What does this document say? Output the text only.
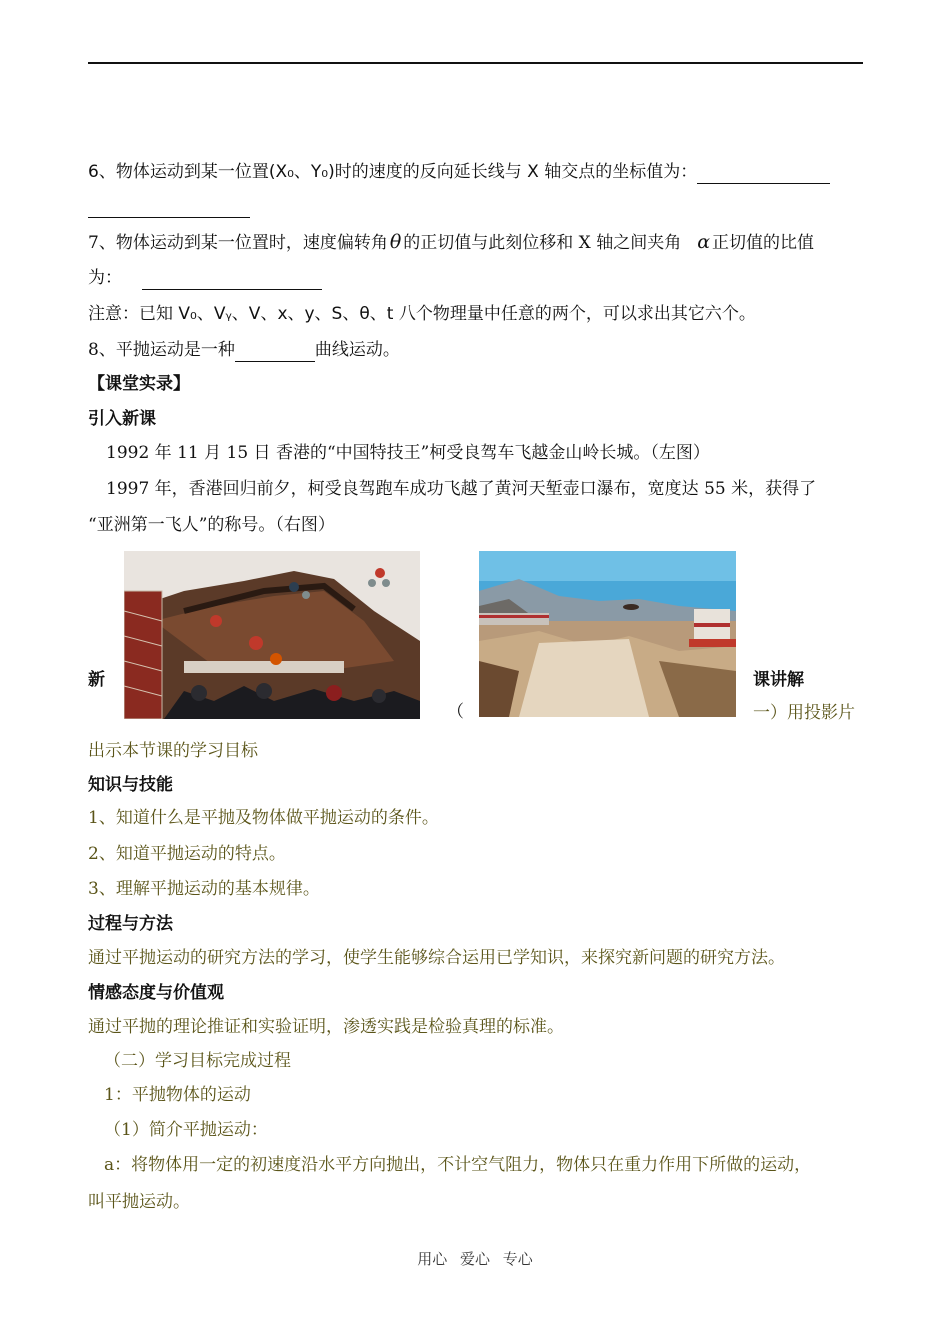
6、物体运动到某一位置(X₀、Y₀)时的速度的反向延长线与 X 轴交点的坐标值为：
7、物体运动到某一位置时，速度偏转角 θ 的正切值与此刻位移和 X 轴之间夹角 α 正切值的比值
为：
注意：已知 V₀、Vᵧ、V、x、y、S、θ、t 八个物理量中任意的两个，可以求出其它六个。
8、平抛运动是一种	曲线运动。
【课堂实录】
引入新课
1992 年 11 月 15 日 香港的“中国特技王”柯受良驾车飞越金山岭长城。（左图）
1997 年，香港回归前夕，柯受良驾跑车成功飞越了黄河天堑壶口瀑布，宽度达 55 米，获得了
“亚洲第一飞人”的称号。（右图）
新
（
课讲解
一）用投影片
出示本节课的学习目标
知识与技能
1、知道什么是平抛及物体做平抛运动的条件。
2、知道平抛运动的特点。
3、理解平抛运动的基本规律。
过程与方法
通过平抛运动的研究方法的学习，使学生能够综合运用已学知识，来探究新问题的研究方法。
情感态度与价值观
通过平抛的理论推证和实验证明，渗透实践是检验真理的标准。
（二）学习目标完成过程
1：平抛物体的运动
（1）简介平抛运动：
a：将物体用一定的初速度沿水平方向抛出，不计空气阻力，物体只在重力作用下所做的运动，
叫平抛运动。
用心 爱心 专心
